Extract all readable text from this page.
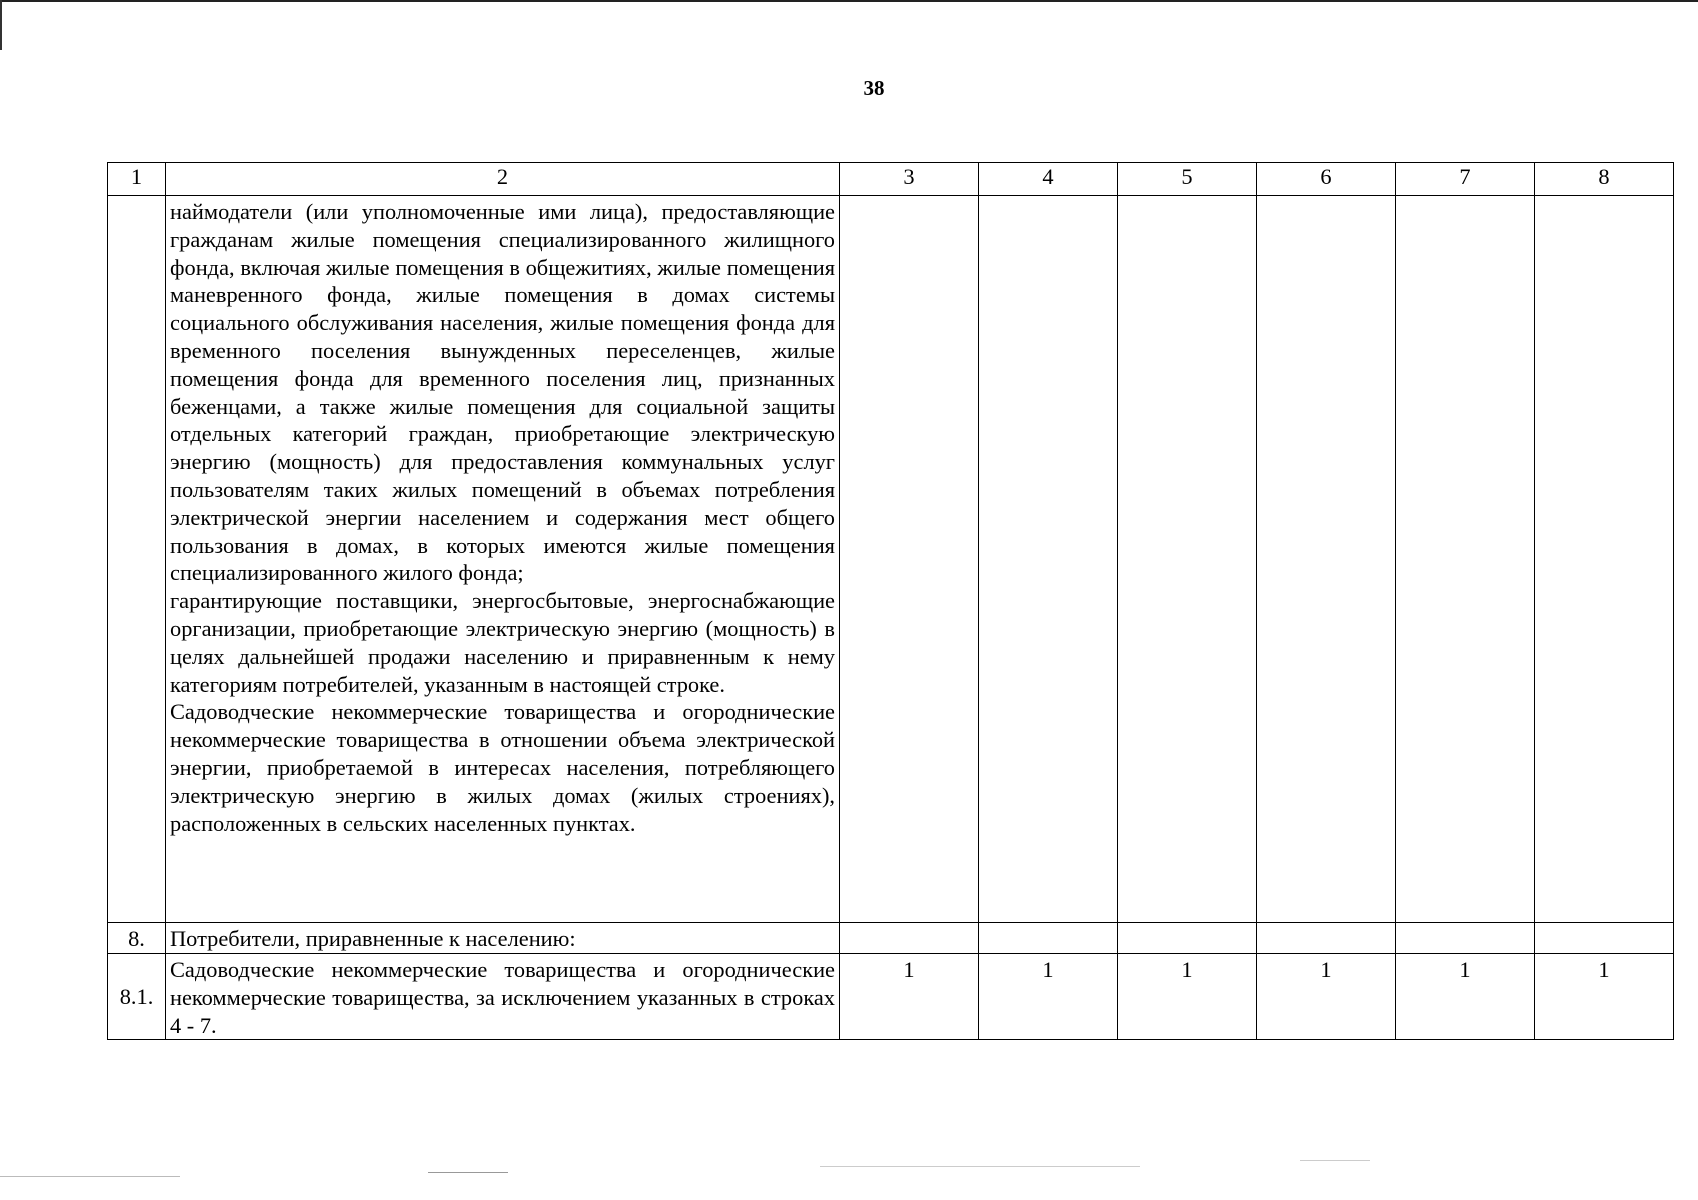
38
1	2	3	4	5	6	7	8

	наймодатели (или уполномоченные ими лица), предоставляющие гражданам жилые помещения специализированного жилищного фонда, включая жилые помещения в общежитиях, жилые помещения маневренного фонда, жилые помещения в домах системы социального обслуживания населения, жилые помещения фонда для временного поселения вынужденных переселенцев, жилые помещения фонда для временного поселения лиц, признанных беженцами, а также жилые помещения для социальной защиты отдельных категорий граждан, приобретающие электрическую энергию (мощность) для предоставления коммунальных услуг пользователям таких жилых помещений в объемах потребления электрической энергии населением и содержания мест общего пользования в домах, в которых имеются жилые помещения специализированного жилого фонда;

гарантирующие поставщики, энергосбытовые, энергоснабжающие организации, приобретающие электрическую энергию (мощность) в целях дальнейшей продажи населению и приравненным к нему категориям потребителей, указанным в настоящей строке.

Садоводческие некоммерческие товарищества и огороднические некоммерческие товарищества в отношении объема электрической энергии, приобретаемой в интересах населения, потребляющего электрическую энергию в жилых домах (жилых строениях), расположенных в сельских населенных пунктах.						

8.	Потребители, приравненные к населению:						
8.1.	Садоводческие некоммерческие товарищества и огороднические некоммерческие товарищества, за исключением указанных в строках 4 - 7.	1	1	1	1	1	1
